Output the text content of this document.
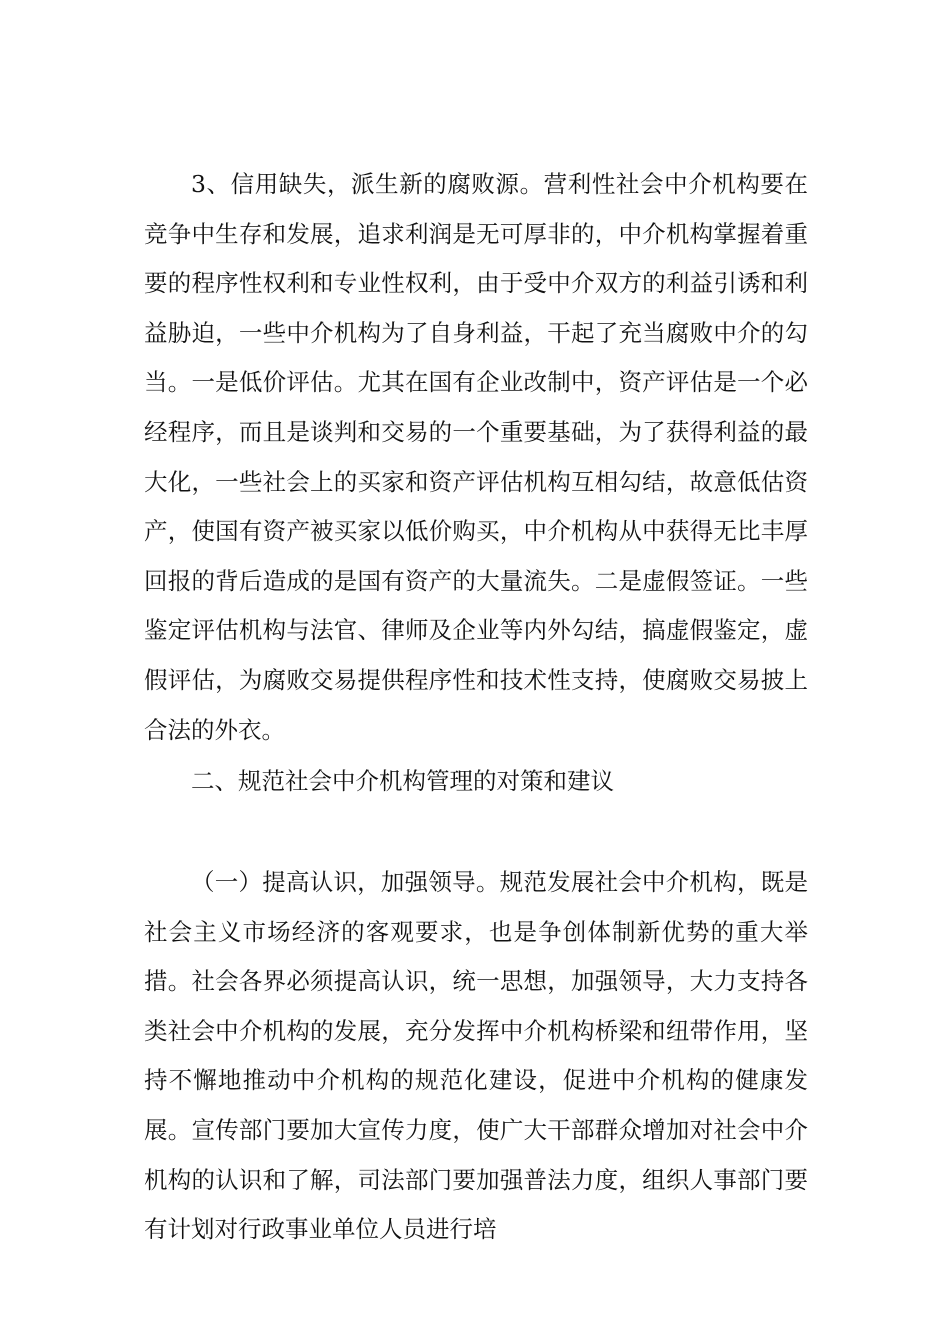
3、信用缺失，派生新的腐败源。营利性社会中介机构要在竞争中生存和发展，追求利润是无可厚非的，中介机构掌握着重要的程序性权利和专业性权利，由于受中介双方的利益引诱和利益胁迫，一些中介机构为了自身利益，干起了充当腐败中介的勾当。一是低价评估。尤其在国有企业改制中，资产评估是一个必经程序，而且是谈判和交易的一个重要基础，为了获得利益的最大化，一些社会上的买家和资产评估机构互相勾结，故意低估资产，使国有资产被买家以低价购买，中介机构从中获得无比丰厚回报的背后造成的是国有资产的大量流失。二是虚假签证。一些鉴定评估机构与法官、律师及企业等内外勾结，搞虚假鉴定，虚假评估，为腐败交易提供程序性和技术性支持，使腐败交易披上合法的外衣。

二、规范社会中介机构管理的对策和建议

（一）提高认识，加强领导。规范发展社会中介机构，既是社会主义市场经济的客观要求，也是争创体制新优势的重大举措。社会各界必须提高认识，统一思想，加强领导，大力支持各类社会中介机构的发展，充分发挥中介机构桥梁和纽带作用，坚持不懈地推动中介机构的规范化建设，促进中介机构的健康发展。宣传部门要加大宣传力度，使广大干部群众增加对社会中介机构的认识和了解，司法部门要加强普法力度，组织人事部门要有计划对行政事业单位人员进行培
